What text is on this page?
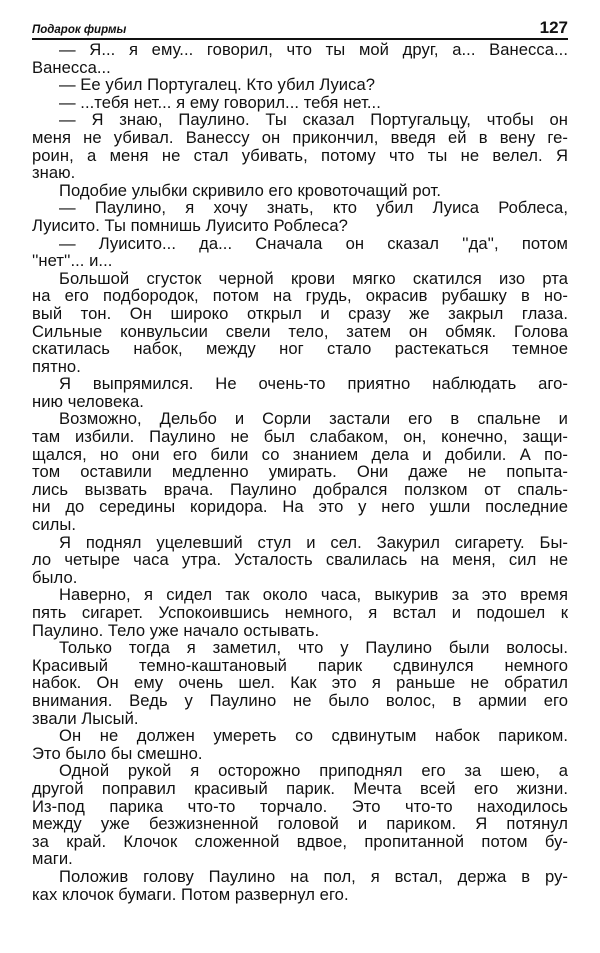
Подарок фирмы	127
— Я... я ему... говорил, что ты мой друг, а... Ванесса...
Ванесса...
— Ее убил Португалец. Кто убил Луиса?
— ...тебя нет... я ему говорил... тебя нет...
— Я знаю, Паулино. Ты сказал Португальцу, чтобы он
меня не убивал. Ванессу он прикончил, введя ей в вену ге-
роин, а меня не стал убивать, потому что ты не велел. Я
знаю.
Подобие улыбки скривило его кровоточащий рот.
— Паулино, я хочу знать, кто убил Луиса Роблеса,
Луисито. Ты помнишь Луисито Роблеса?
— Луисито... да... Сначала он сказал ''да'', потом
''нет''... и...
Большой сгусток черной крови мягко скатился изо рта
на его подбородок, потом на грудь, окрасив рубашку в но-
вый тон. Он широко открыл и сразу же закрыл глаза.
Сильные конвульсии свели тело, затем он обмяк. Голова
скатилась набок, между ног стало растекаться темное
пятно.
Я выпрямился. Не очень-то приятно наблюдать аго-
нию человека.
Возможно, Дельбо и Сорли застали его в спальне и
там избили. Паулино не был слабаком, он, конечно, защи-
щался, но они его били со знанием дела и добили. А по-
том оставили медленно умирать. Они даже не попыта-
лись вызвать врача. Паулино добрался ползком от спаль-
ни до середины коридора. На это у него ушли последние
силы.
Я поднял уцелевший стул и сел. Закурил сигарету. Бы-
ло четыре часа утра. Усталость свалилась на меня, сил не
было.
Наверно, я сидел так около часа, выкурив за это время
пять сигарет. Успокоившись немного, я встал и подошел к
Паулино. Тело уже начало остывать.
Только тогда я заметил, что у Паулино были волосы.
Красивый темно-каштановый парик сдвинулся немного
набок. Он ему очень шел. Как это я раньше не обратил
внимания. Ведь у Паулино не было волос, в армии его
звали Лысый.
Он не должен умереть со сдвинутым набок париком.
Это было бы смешно.
Одной рукой я осторожно приподнял его за шею, а
другой поправил красивый парик. Мечта всей его жизни.
Из-под парика что-то торчало. Это что-то находилось
между уже безжизненной головой и париком. Я потянул
за край. Клочок сложенной вдвое, пропитанной потом бу-
маги.
Положив голову Паулино на пол, я встал, держа в ру-
ках клочок бумаги. Потом развернул его.
